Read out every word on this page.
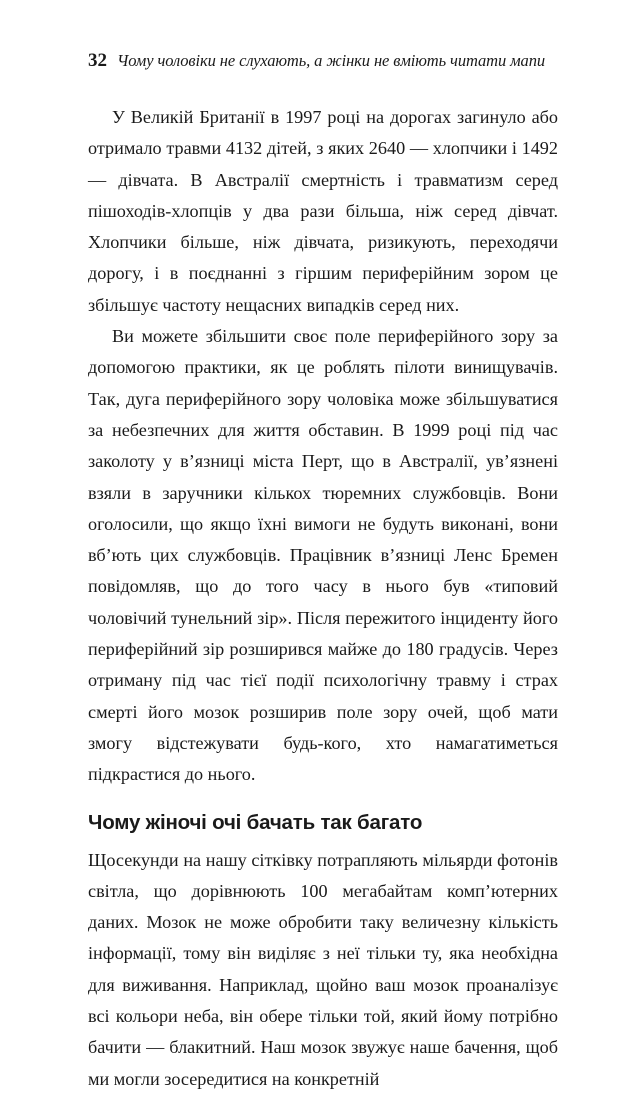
32 Чому чоловіки не слухають, а жінки не вміють читати мапи

У Великій Британії в 1997 році на дорогах загинуло або отримало травми 4132 дітей, з яких 2640 — хлопчики і 1492 — дівчата. В Австралії смертність і травматизм серед пішоходів-хлопців у два рази більша, ніж серед дівчат. Хлопчики більше, ніж дівчата, ризикують, переходячи дорогу, і в поєднанні з гіршим периферійним зором це збільшує частоту нещасних випадків серед них.

Ви можете збільшити своє поле периферійного зору за допомогою практики, як це роблять пілоти винищувачів. Так, дуга периферійного зору чоловіка може збільшуватися за небезпечних для життя обставин. В 1999 році під час заколоту у в’язниці міста Перт, що в Австралії, ув’язнені взяли в заручники кількох тюремних службовців. Вони оголосили, що якщо їхні вимоги не будуть виконані, вони вб’ють цих службовців. Працівник в’язниці Ленс Бремен повідомляв, що до того часу в нього був «типовий чоловічий тунельний зір». Після пережитого інциденту його периферійний зір розширився майже до 180 градусів. Через отриману під час тієї події психологічну травму і страх смерті його мозок розширив поле зору очей, щоб мати змогу відстежувати будь-кого, хто намагатиметься підкрастися до нього.

Чому жіночі очі бачать так багато

Щосекунди на нашу сітківку потрапляють мільярди фотонів світла, що дорівнюють 100 мегабайтам комп’ютерних даних. Мозок не може обробити таку величезну кількість інформації, тому він виділяє з неї тільки ту, яка необхідна для виживання. Наприклад, щойно ваш мозок проаналізує всі кольори неба, він обере тільки той, який йому потрібно бачити — блакитний. Наш мозок звужує наше бачення, щоб ми могли зосередитися на конкретній
